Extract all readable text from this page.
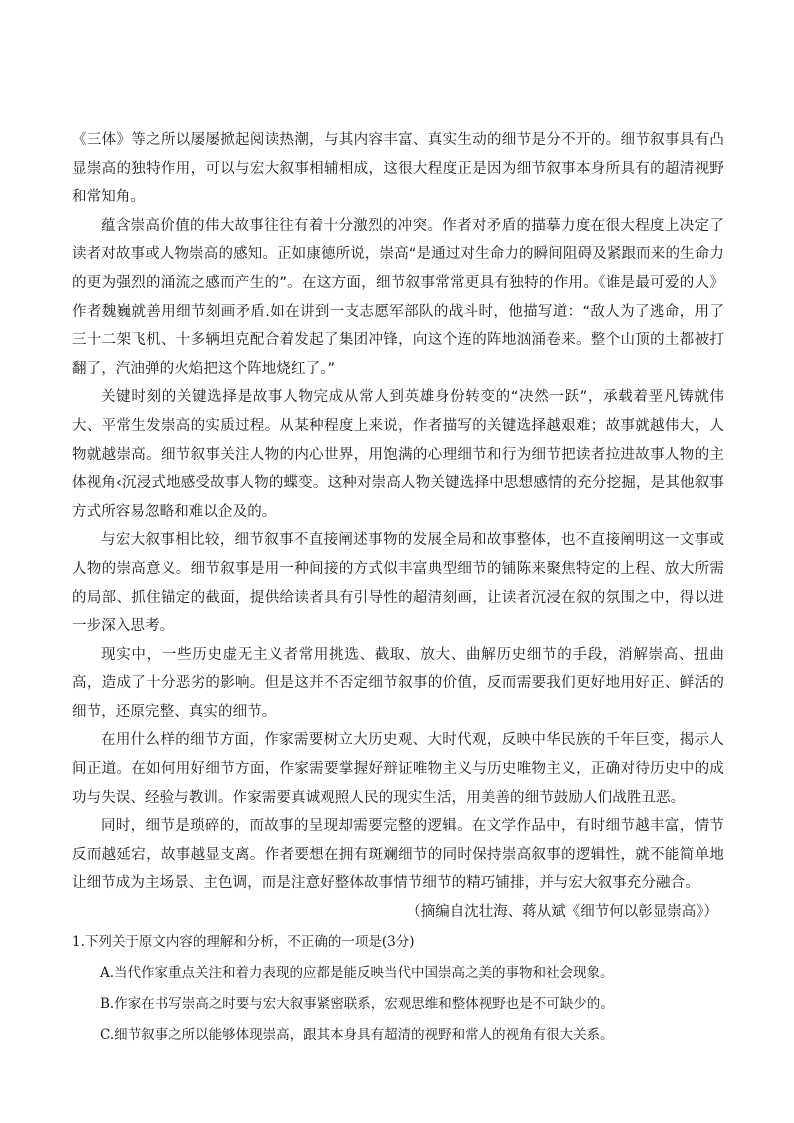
《三体》等之所以屡屡掀起阅读热潮，与其内容丰富、真实生动的细节是分不开的。细节叙事具有凸显崇高的独特作用，可以与宏大叙事相辅相成，这很大程度正是因为细节叙事本身所具有的超清视野和常知角。

蕴含崇高价值的伟大故事往往有着十分激烈的冲突。作者对矛盾的描摹力度在很大程度上决定了读者对故事或人物崇高的感知。正如康德所说，崇高“是通过对生命力的瞬间阻碍及紧跟而来的生命力的更为强烈的涌流之感而产生的”。在这方面，细节叙事常常更具有独特的作用。《谁是最可爱的人》作者魏巍就善用细节刻画矛盾.如在讲到一支志愿军部队的战斗时，他描写道：“敌人为了逃命，用了三十二架飞机、十多辆坦克配合着发起了集团冲锋，向这个连的阵地汹涌卷来。整个山顶的土都被打翻了，汽油弹的火焰把这个阵地烧红了。”

关键时刻的关键选择是故事人物完成从常人到英雄身份转变的“决然一跃”，承载着垩凡铸就伟大、平常生发崇高的实质过程。从某种程度上来说，作者描写的关键选择越艰难；故事就越伟大，人物就越崇高。细节叙事关注人物的内心世界，用饱满的心理细节和行为细节把读者拉进故事人物的主体视角‹沉浸式地感受故事人物的蝶变。这种对崇高人物关键选择中思想感情的充分挖掘，是其他叙事方式所容易忽略和难以企及的。

与宏大叙事相比较，细节叙事不直接阐述事物的发展全局和故事整体，也不直接阐明这一文事或人物的崇高意义。细节叙事是用一种间接的方式似丰富典型细节的铺陈来聚焦特定的上程、放大所需的局部、抓住锚定的截面，提供给读者具有引导性的超清刻画，让读者沉浸在叙的氛围之中，得以进一步深入思考。

现实中，一些历史虚无主义者常用挑选、截取、放大、曲解历史细节的手段，消解崇高、扭曲高，造成了十分恶劣的影响。但是这并不否定细节叙事的价值，反而需要我们更好地用好正、鲜活的细节，还原完整、真实的细节。

在用什么样的细节方面，作家需要树立大历史观、大时代观，反映中华民族的千年巨变，揭示人间正道。在如何用好细节方面，作家需要掌握好辩证唯物主义与历史唯物主义，正确对待历史中的成功与失误、经验与教训。作家需要真诚观照人民的现实生活，用美善的细节鼓励人们战胜丑恶。

同时，细节是琐碎的，而故事的呈现却需要完整的逻辑。在文学作品中，有时细节越丰富，情节反而越延宕，故事越显支离。作者要想在拥有斑斓细节的同时保持崇高叙事的逻辑性，就不能简单地让细节成为主场景、主色调，而是注意好整体故事情节细节的精巧铺排，并与宏大叙事充分融合。

（摘编自沈壮海、蒋从斌《细节何以彰显崇高》）

1.下列关于原文内容的理解和分析，不正确的一项是(3分)

A.当代作家重点关注和着力表现的应都是能反映当代中国崇高之美的事物和社会现象。

B.作家在书写崇高之时要与宏大叙事紧密联系，宏观思维和整体视野也是不可缺少的。

C.细节叙事之所以能够体现崇高，跟其本身具有超清的视野和常人的视角有很大关系。
